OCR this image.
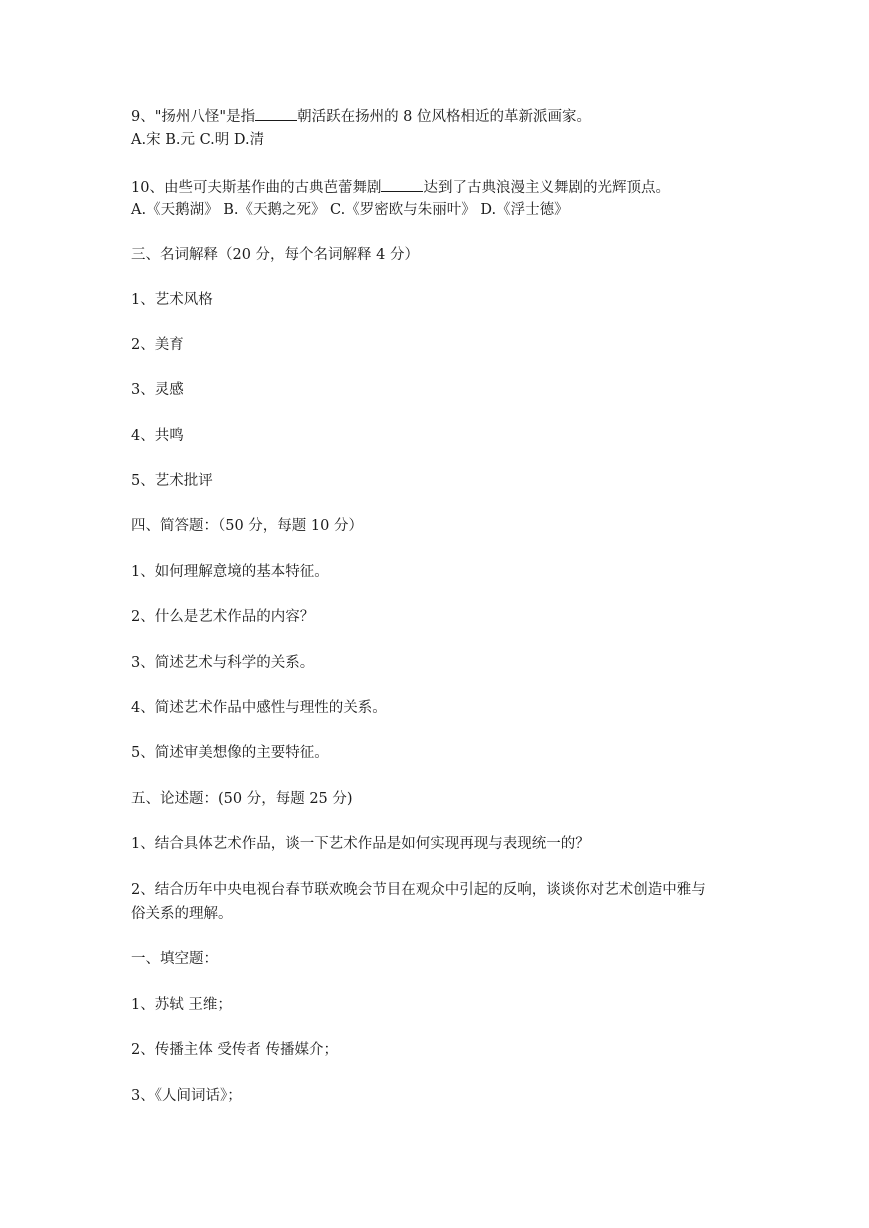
9、"扬州八怪"是指	朝活跃在扬州的 8 位风格相近的革新派画家。
A.宋 B.元 C.明 D.清
10、由些可夫斯基作曲的古典芭蕾舞剧	达到了古典浪漫主义舞剧的光辉顶点。
A.《天鹅湖》 B.《天鹅之死》 C.《罗密欧与朱丽叶》 D.《浮士德》
三、名词解释（20 分，每个名词解释 4 分）
1、艺术风格
2、美育
3、灵感
4、共鸣
5、艺术批评
四、简答题：（50 分，每题 10 分）
1、如何理解意境的基本特征。
2、什么是艺术作品的内容？
3、简述艺术与科学的关系。
4、简述艺术作品中感性与理性的关系。
5、简述审美想像的主要特征。
五、论述题：(50 分，每题 25 分)
1、结合具体艺术作品，谈一下艺术作品是如何实现再现与表现统一的？
2、结合历年中央电视台春节联欢晚会节目在观众中引起的反响，谈谈你对艺术创造中雅与
俗关系的理解。
一、填空题：
1、苏轼 王维；
2、传播主体 受传者 传播媒介；
3、《人间词话》；
